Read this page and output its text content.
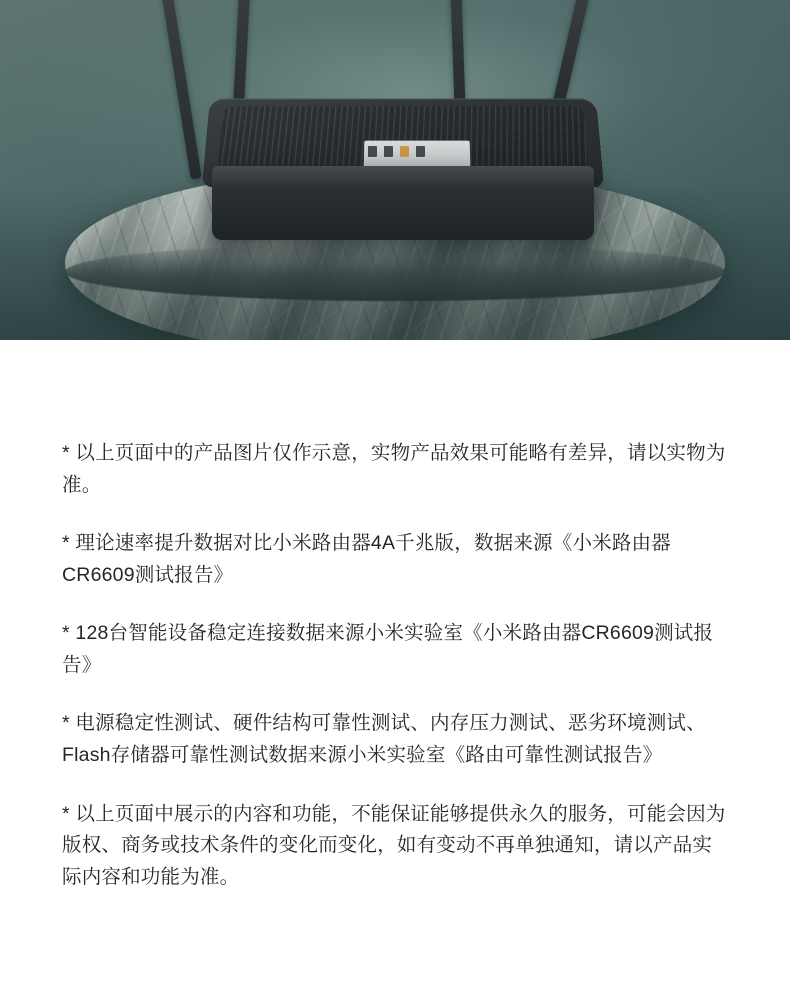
* 以上页面中的产品图片仅作示意，实物产品效果可能略有差异，请以实物为准。

* 理论速率提升数据对比小米路由器4A千兆版，数据来源《小米路由器CR6609测试报告》

* 128台智能设备稳定连接数据来源小米实验室《小米路由器CR6609测试报告》

* 电源稳定性测试、硬件结构可靠性测试、内存压力测试、恶劣环境测试、Flash存储器可靠性测试数据来源小米实验室《路由可靠性测试报告》

* 以上页面中展示的内容和功能，不能保证能够提供永久的服务，可能会因为版权、商务或技术条件的变化而变化，如有变动不再单独通知，请以产品实际内容和功能为准。
